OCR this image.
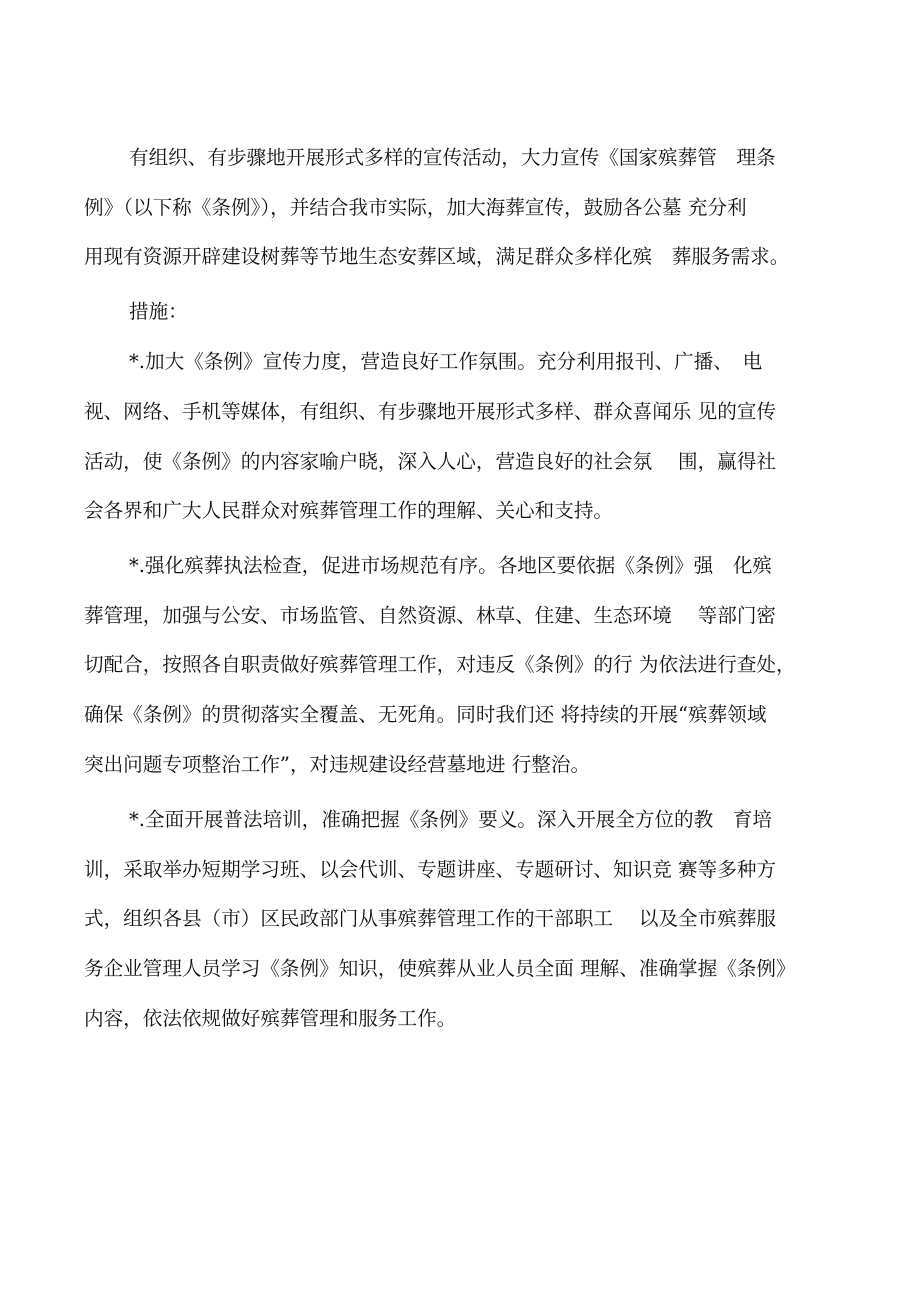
有组织、有步骤地开展形式多样的宣传活动，大力宣传《国家殡葬管　理条
例》（以下称《条例》），并结合我市实际，加大海葬宣传，鼓励各公墓 充分利
用现有资源开辟建设树葬等节地生态安葬区域，满足群众多样化殡　葬服务需求。
措施：
*.加大《条例》宣传力度，营造良好工作氛围。充分利用报刊、广播、　电
视、网络、手机等媒体，有组织、有步骤地开展形式多样、群众喜闻乐 见的宣传
活动，使《条例》的内容家喻户晓，深入人心，营造良好的社会氛　 围，赢得社
会各界和广大人民群众对殡葬管理工作的理解、关心和支持。
*.强化殡葬执法检查，促进市场规范有序。各地区要依据《条例》强　化殡
葬管理，加强与公安、市场监管、自然资源、林草、住建、生态环境　 等部门密
切配合，按照各自职责做好殡葬管理工作，对违反《条例》的行 为依法进行查处，
确保《条例》的贯彻落实全覆盖、无死角。同时我们还 将持续的开展“殡葬领域
突出问题专项整治工作”，对违规建设经营墓地进 行整治。
*.全面开展普法培训，准确把握《条例》要义。深入开展全方位的教　育培
训，采取举办短期学习班、以会代训、专题讲座、专题研讨、知识竞 赛等多种方
式，组织各县（市）区民政部门从事殡葬管理工作的干部职工　 以及全市殡葬服
务企业管理人员学习《条例》知识，使殡葬从业人员全面 理解、准确掌握《条例》
内容，依法依规做好殡葬管理和服务工作。
